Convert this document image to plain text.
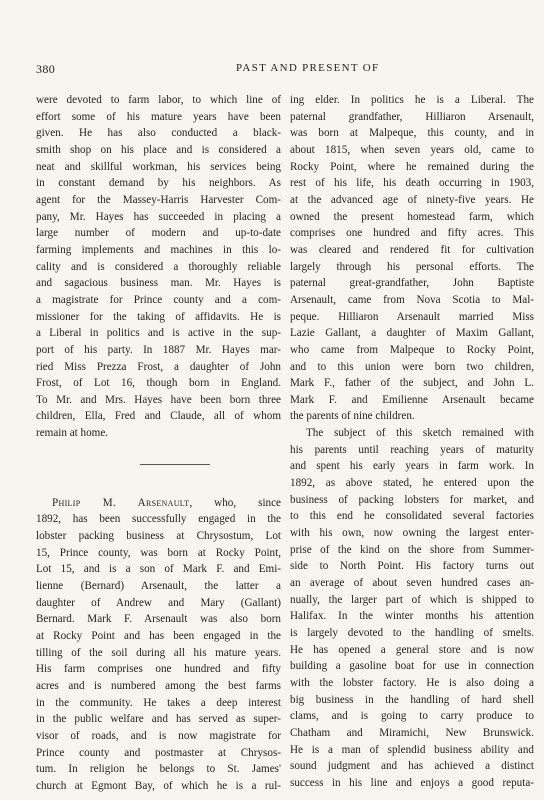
380	PAST AND PRESENT OF
were devoted to farm labor, to which line of
effort some of his mature years have been
given. He has also conducted a black-
smith shop on his place and is considered a
neat and skillful workman, his services being
in constant demand by his neighbors. As
agent for the Massey-Harris Harvester Com-
pany, Mr. Hayes has succeeded in placing a
large number of modern and up-to-date
farming implements and machines in this lo-
cality and is considered a thoroughly reliable
and sagacious business man. Mr. Hayes is
a magistrate for Prince county and a com-
missioner for the taking of affidavits. He is
a Liberal in politics and is active in the sup-
port of his party. In 1887 Mr. Hayes mar-
ried Miss Prezza Frost, a daughter of John
Frost, of Lot 16, though born in England.
To Mr. and Mrs. Hayes have been born three
children, Ella, Fred and Claude, all of whom
remain at home.
Philip M. Arsenault, who, since
1892, has been successfully engaged in the
lobster packing business at Chrysostum, Lot
15, Prince county, was born at Rocky Point,
Lot 15, and is a son of Mark F. and Emi-
lienne (Bernard) Arsenault, the latter a
daughter of Andrew and Mary (Gallant)
Bernard. Mark F. Arsenault was also born
at Rocky Point and has been engaged in the
tilling of the soil during all his mature years.
His farm comprises one hundred and fifty
acres and is numbered among the best farms
in the community. He takes a deep interest
in the public welfare and has served as super-
visor of roads, and is now magistrate for
Prince county and postmaster at Chrysos-
tum. In religion he belongs to St. James'
church at Egmont Bay, of which he is a rul-
ing elder. In politics he is a Liberal. The
paternal grandfather, Hilliaron Arsenault,
was born at Malpeque, this county, and in
about 1815, when seven years old, came to
Rocky Point, where he remained during the
rest of his life, his death occurring in 1903,
at the advanced age of ninety-five years. He
owned the present homestead farm, which
comprises one hundred and fifty acres. This
was cleared and rendered fit for cultivation
largely through his personal efforts. The
paternal great-grandfather, John Baptiste
Arsenault, came from Nova Scotia to Mal-
peque. Hilliaron Arsenault married Miss
Lazie Gallant, a daughter of Maxim Gallant,
who came from Malpeque to Rocky Point,
and to this union were born two children,
Mark F., father of the subject, and John L.
Mark F. and Emilienne Arsenault became
the parents of nine children.
The subject of this sketch remained with
his parents until reaching years of maturity
and spent his early years in farm work. In
1892, as above stated, he entered upon the
business of packing lobsters for market, and
to this end he consolidated several factories
with his own, now owning the largest enter-
prise of the kind on the shore from Summer-
side to North Point. His factory turns out
an average of about seven hundred cases an-
nually, the larger part of which is shipped to
Halifax. In the winter months his attention
is largely devoted to the handling of smelts.
He has opened a general store and is now
building a gasoline boat for use in connection
with the lobster factory. He is also doing a
big business in the handling of hard shell
clams, and is going to carry produce to
Chatham and Miramichi, New Brunswick.
He is a man of splendid business ability and
sound judgment and has achieved a distinct
success in his line and enjoys a good reputa-
